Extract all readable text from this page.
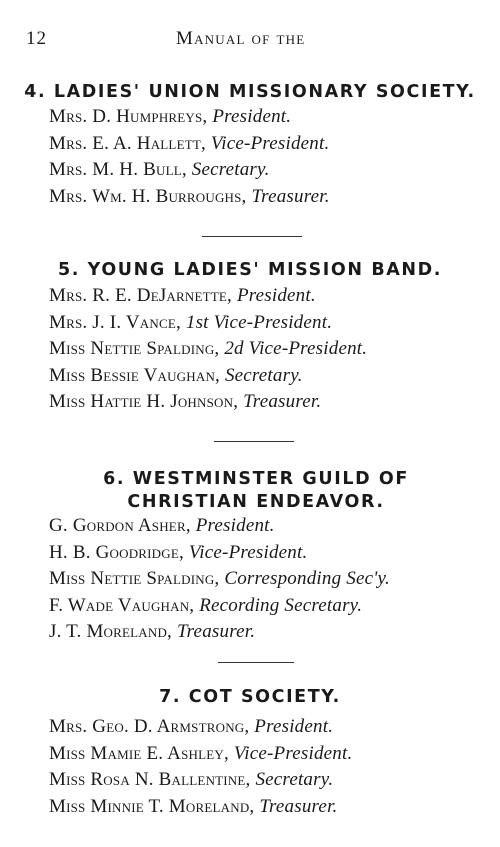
12	Manual of the
4. LADIES' UNION MISSIONARY SOCIETY.
Mrs. D. Humphreys, President.
Mrs. E. A. Hallett, Vice-President.
Mrs. M. H. Bull, Secretary.
Mrs. Wm. H. Burroughs, Treasurer.
5. YOUNG LADIES' MISSION BAND.
Mrs. R. E. DeJarnette, President.
Mrs. J. I. Vance, 1st Vice-President.
Miss Nettie Spalding, 2d Vice-President.
Miss Bessie Vaughan, Secretary.
Miss Hattie H. Johnson, Treasurer.
6. WESTMINSTER GUILD OF CHRISTIAN ENDEAVOR.
G. Gordon Asher, President.
H. B. Goodridge, Vice-President.
Miss Nettie Spalding, Corresponding Sec'y.
F. Wade Vaughan, Recording Secretary.
J. T. Moreland, Treasurer.
7. COT SOCIETY.
Mrs. Geo. D. Armstrong, President.
Miss Mamie E. Ashley, Vice-President.
Miss Rosa N. Ballentine, Secretary.
Miss Minnie T. Moreland, Treasurer.
